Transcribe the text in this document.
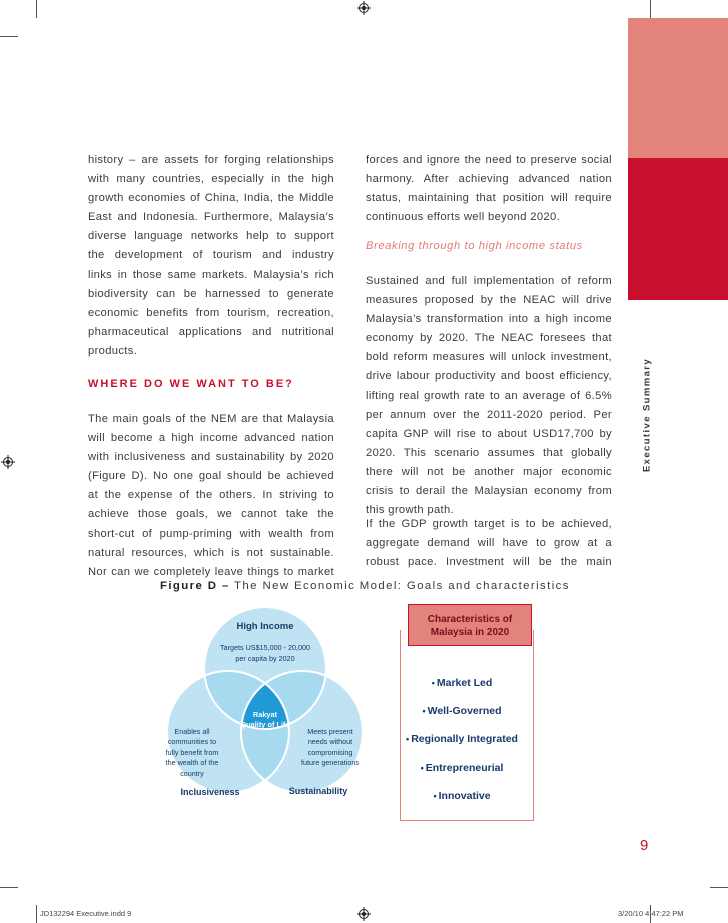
Executive Summary
history – are assets for forging relationships
with many countries, especially in the high
growth economies of China, India, the Middle
East and Indonesia. Furthermore, Malaysia’s
diverse language networks help to support
the development of tourism and industry
links in those same markets. Malaysia’s rich
biodiversity can be harnessed to generate
economic benefits from tourism, recreation,
pharmaceutical applications and nutritional
products.
WHERE DO WE WANT TO BE?
The main goals of the NEM are that Malaysia
will become a high income advanced nation
with inclusiveness and sustainability by 2020
(Figure D). No one goal should be achieved
at the expense of the others. In striving to
achieve those goals, we cannot take the
short-cut of pump-priming with wealth from
natural resources, which is not sustainable.
Nor can we completely leave things to market
forces and ignore the need to preserve social
harmony. After achieving advanced nation
status, maintaining that position will require
continuous efforts well beyond 2020.
Breaking through to high income status
Sustained and full implementation of reform
measures proposed by the NEAC will drive
Malaysia’s transformation into a high income
economy by 2020. The NEAC foresees that
bold reform measures will unlock investment,
drive labour productivity and boost efficiency,
lifting real growth rate to an average of 6.5%
per annum over the 2011-2020 period. Per
capita GNP will rise to about USD17,700 by
2020. This scenario assumes that globally
there will not be another major economic
crisis to derail the Malaysian economy from
this growth path.
If the GDP growth target is to be achieved,
aggregate demand will have to grow at a
robust pace. Investment will be the main
Figure D – The New Economic Model: Goals and characteristics
High Income
Targets US$15,000 - 20,000
per capita by 2020
Enables all
communities to
fully benefit from
the wealth of the
country
Inclusiveness
Meets present
needs without
compromising
future generations
Sustainability
Rakyat
Quality of Life
Characteristics of
Malaysia in 2020
• Market Led
• Well-Governed
• Regionally Integrated
• Entrepreneurial
• Innovative
9
JD132294 Executive.indd 9	3/20/10 4:47:22 PM
